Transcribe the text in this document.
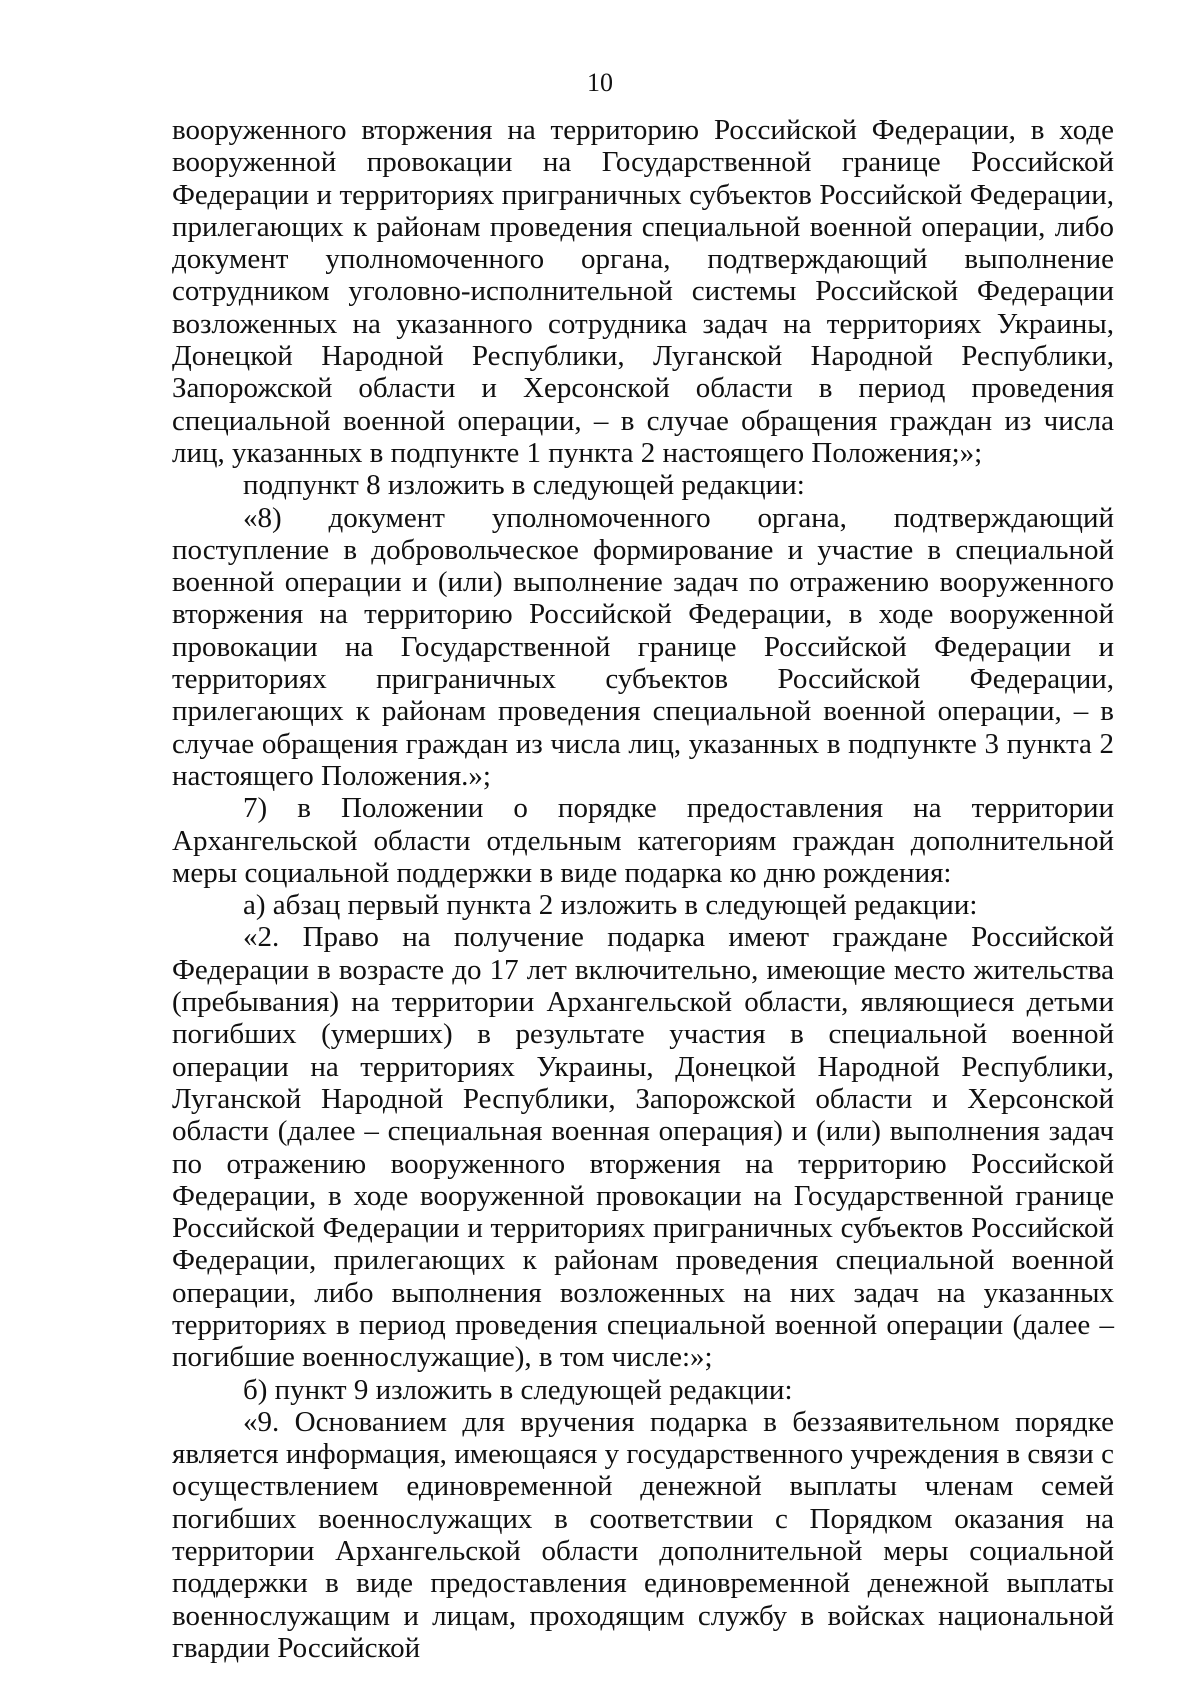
10

вооруженного вторжения на территорию Российской Федерации, в ходе вооруженной провокации на Государственной границе Российской Федерации и территориях приграничных субъектов Российской Федерации, прилегающих к районам проведения специальной военной операции, либо документ уполномоченного органа, подтверждающий выполнение сотрудником уголовно-исполнительной системы Российской Федерации возложенных на указанного сотрудника задач на территориях Украины, Донецкой Народной Республики, Луганской Народной Республики, Запорожской области и Херсонской области в период проведения специальной военной операции, – в случае обращения граждан из числа лиц, указанных в подпункте 1 пункта 2 настоящего Положения;»;

подпункт 8 изложить в следующей редакции:

«8) документ уполномоченного органа, подтверждающий поступление в добровольческое формирование и участие в специальной военной операции и (или) выполнение задач по отражению вооруженного вторжения на территорию Российской Федерации, в ходе вооруженной провокации на Государственной границе Российской Федерации и территориях приграничных субъектов Российской Федерации, прилегающих к районам проведения специальной военной операции, – в случае обращения граждан из числа лиц, указанных в подпункте 3 пункта 2 настоящего Положения.»;

7) в Положении о порядке предоставления на территории Архангельской области отдельным категориям граждан дополнительной меры социальной поддержки в виде подарка ко дню рождения:

а) абзац первый пункта 2 изложить в следующей редакции:

«2. Право на получение подарка имеют граждане Российской Федерации в возрасте до 17 лет включительно, имеющие место жительства (пребывания) на территории Архангельской области, являющиеся детьми погибших (умерших) в результате участия в специальной военной операции на территориях Украины, Донецкой Народной Республики, Луганской Народной Республики, Запорожской области и Херсонской области (далее – специальная военная операция) и (или) выполнения задач по отражению вооруженного вторжения на территорию Российской Федерации, в ходе вооруженной провокации на Государственной границе Российской Федерации и территориях приграничных субъектов Российской Федерации, прилегающих к районам проведения специальной военной операции, либо выполнения возложенных на них задач на указанных территориях в период проведения специальной военной операции (далее – погибшие военнослужащие), в том числе:»;

б) пункт 9 изложить в следующей редакции:

«9. Основанием для вручения подарка в беззаявительном порядке является информация, имеющаяся у государственного учреждения в связи с осуществлением единовременной денежной выплаты членам семей погибших военнослужащих в соответствии с Порядком оказания на территории Архангельской области дополнительной меры социальной поддержки в виде предоставления единовременной денежной выплаты военнослужащим и лицам, проходящим службу в войсках национальной гвардии Российской
